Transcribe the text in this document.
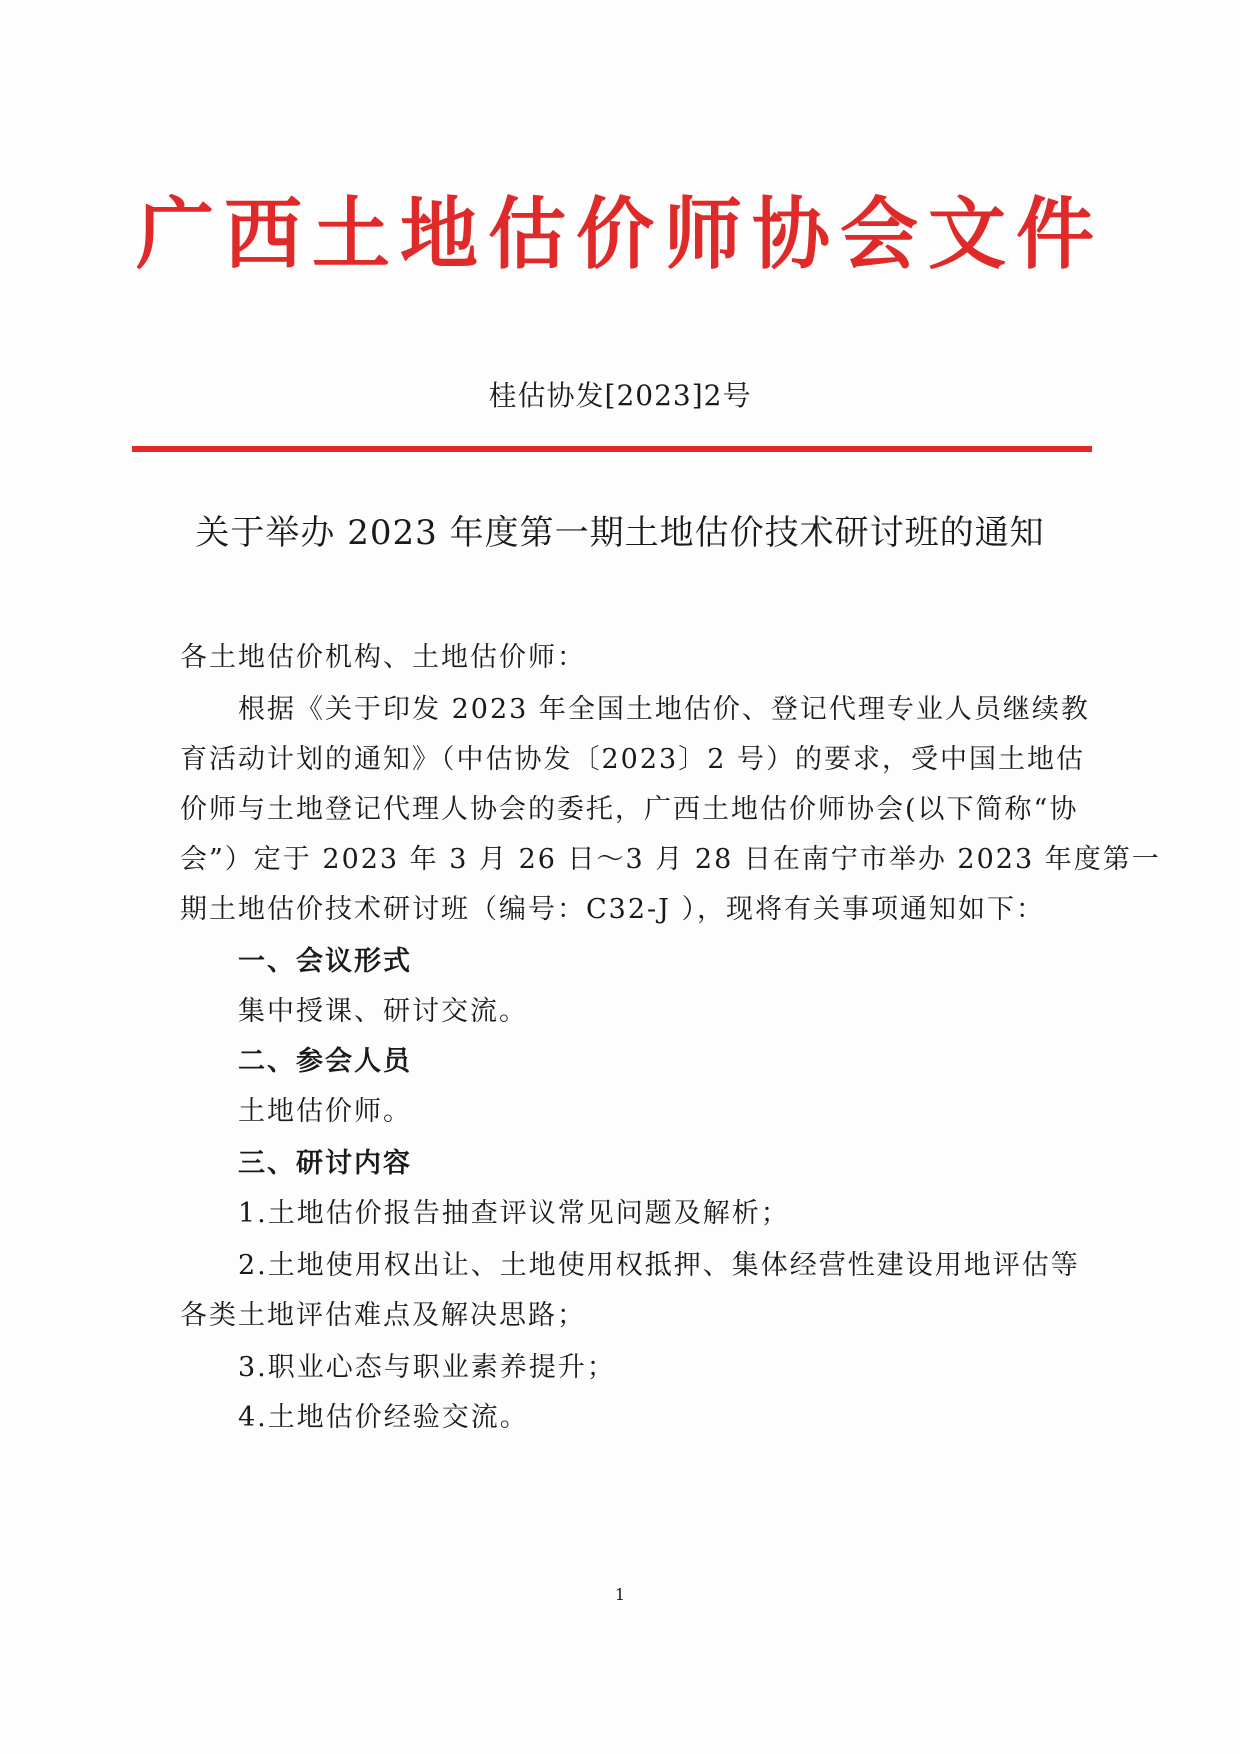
广西土地估价师协会文件
桂估协发[2023]2号
关于举办 2023 年度第一期土地估价技术研讨班的通知
各土地估价机构、土地估价师：
根据《关于印发 2023 年全国土地估价、登记代理专业人员继续教
育活动计划的通知》（中估协发〔2023〕2 号）的要求，受中国土地估
价师与土地登记代理人协会的委托，广西土地估价师协会(以下简称“协
会”）定于 2023 年 3 月 26 日～3 月 28 日在南宁市举办 2023 年度第一
期土地估价技术研讨班（编号：C32-J ），现将有关事项通知如下：
一、会议形式
集中授课、研讨交流。
二、参会人员
土地估价师。
三、研讨内容
1.土地估价报告抽查评议常见问题及解析；
2.土地使用权出让、土地使用权抵押、集体经营性建设用地评估等
各类土地评估难点及解决思路；
3.职业心态与职业素养提升；
4.土地估价经验交流。
1
